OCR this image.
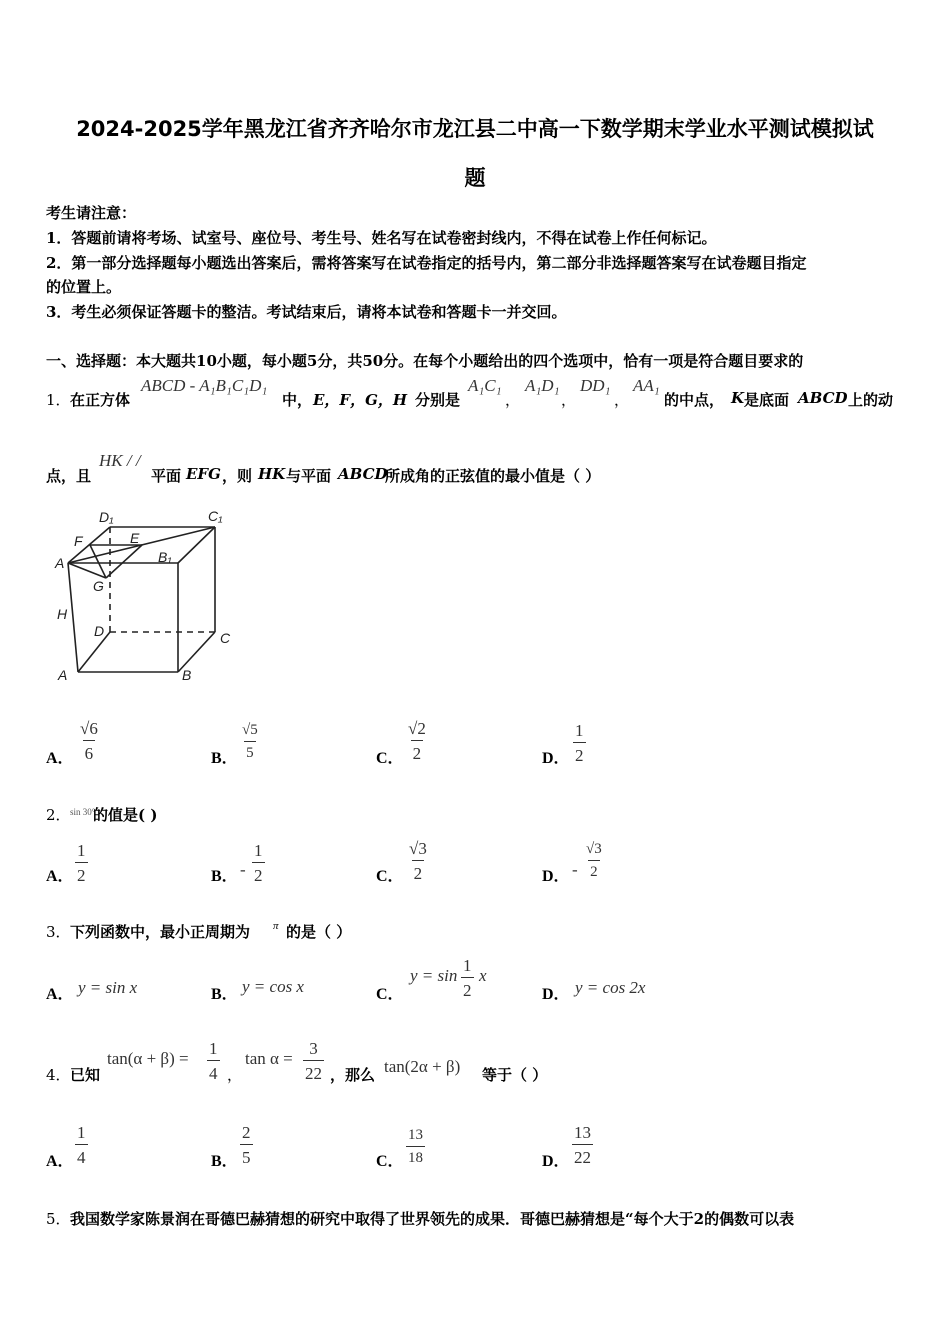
2024-2025学年黑龙江省齐齐哈尔市龙江县二中高一下数学期末学业水平测试模拟试
题
考生请注意：
1．答题前请将考场、试室号、座位号、考生号、姓名写在试卷密封线内，不得在试卷上作任何标记。
2．第一部分选择题每小题选出答案后，需将答案写在试卷指定的括号内，第二部分非选择题答案写在试卷题目指定
的位置上。
3．考生必须保证答题卡的整洁。考试结束后，请将本试卷和答题卡一并交回。
一、选择题：本大题共10小题，每小题5分，共50分。在每个小题给出的四个选项中，恰有一项是符合题目要求的
1． 在正方体
ABCD - A₁B₁C₁D₁
中， E，F，G，H 分别是
A₁C₁
，
A₁D₁
，
DD₁
，
AA₁
的中点， K 是底面 ABCD 上的动
点，且
HK / /
平面 EFG ，则 HK 与平面 ABCD
所成角的正弦值的最小值是（ ）
D₁	C₁
F	E
A	B₁
G
H
D	C
A	B
A． $\frac{√6}{6}$	B． $\frac{√5}{5}$	C． $\frac{√2}{2}$	D． $\frac{1}{2}$
2． sin 30°
的值是( )
A． $\frac{1}{2}$	B． - $\frac{1}{2}$	C． $\frac{√3}{2}$	D． - $\frac{√3}{2}$
3． 下列函数中，最小正周期为 π 的是（ ）
A． y = sin x	B． y = cos x	C．
$y = \sin \frac{1}{2}$ x
D． y = cos 2x
4． 已知
$\tan(\alpha + \beta) = \frac{1}{4}$ ，
$\tan \alpha = \frac{3}{22}$ ，那么 tan(2α + β) 等于（ ）
A． $\frac{1}{4}$	B． $\frac{2}{5}$	C． $\frac{13}{18}$	D． $\frac{13}{22}$
5． 我国数学家陈景润在哥德巴赫猜想的研究中取得了世界领先的成果．哥德巴赫猜想是“每个大于2的偶数可以表
